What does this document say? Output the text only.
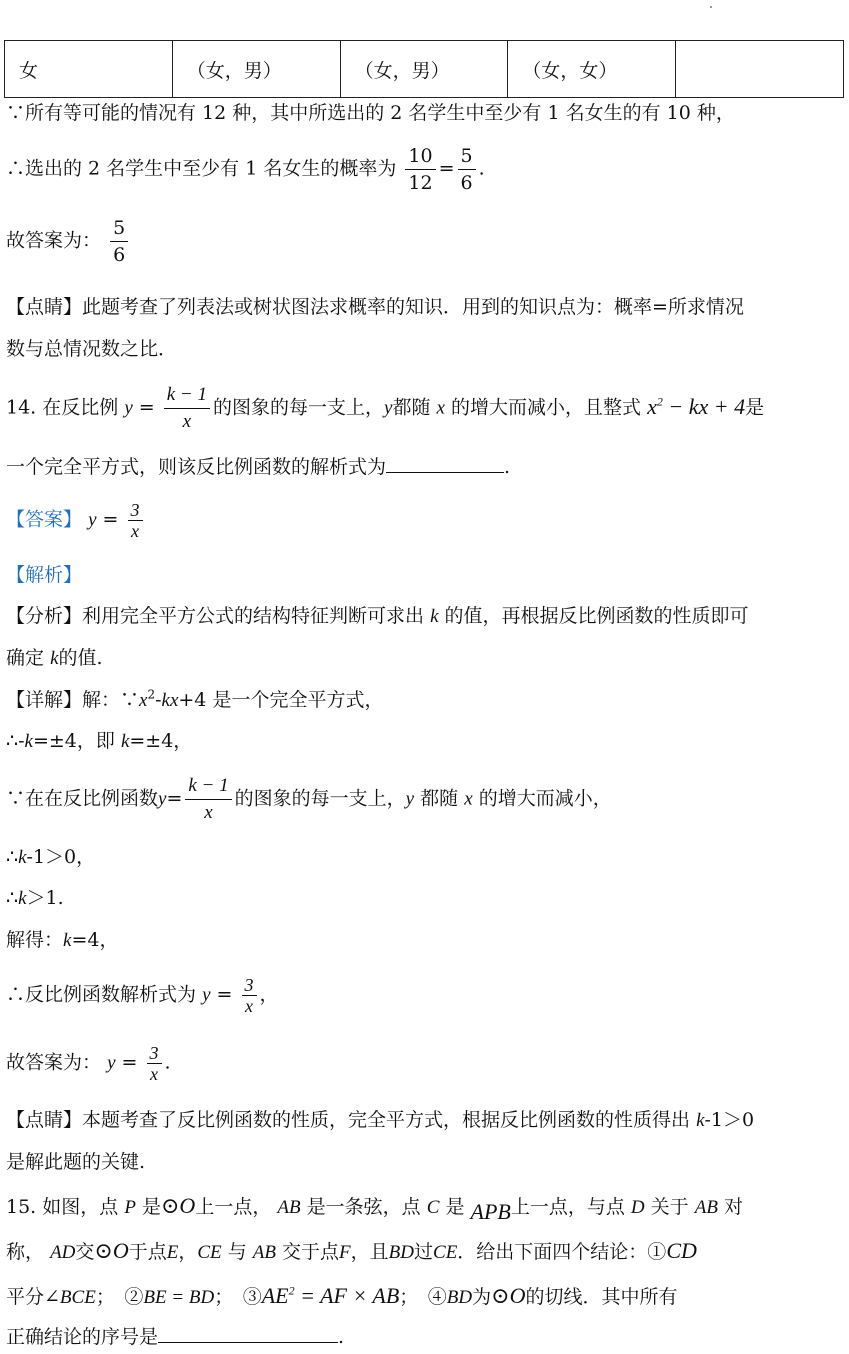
女	（女，男）	（女，男）	（女，女）	
∵所有等可能的情况有 12 种，其中所选出的 2 名学生中至少有 1 名女生的有 10 种，
∴选出的 2 名学生中至少有 1 名女生的概率为 $\frac{10}{12} = \frac{5}{6}$ .
故答案为： $\frac{5}{6}$
【点睛】此题考查了列表法或树状图法求概率的知识．用到的知识点为：概率=所求情况
数与总情况数之比．
14. 在反比例 $y = \frac{k - 1}{x}$ 的图象的每一支上，y都随 x 的增大而减小，且整式 $x^2$ − kx + 4是
一个完全平方式，则该反比例函数的解析式为	.
【答案】 $y = \frac{3}{x}$
【解析】
【分析】利用完全平方公式的结构特征判断可求出 k 的值，再根据反比例函数的性质即可
确定 k的值.
【详解】解：$\because x^2-kx+4$ 是一个完全平方式，
∴-k=±4，即 k=±4，
∵在在反比例函数$y= \frac{k - 1}{x}$ 的图象的每一支上，y 都随 x 的增大而减小，
∴k-1＞0，
∴k＞1.
解得：k=4，
∴反比例函数解析式为 $y = \frac{3}{x}$ ，
故答案为： $y = \frac{3}{x}$ .
【点睛】本题考查了反比例函数的性质，完全平方式，根据反比例函数的性质得出 k-1＞0
是解此题的关键.
15. 如图，点 P 是⊙O上一点， AB 是一条弦，点 C 是 APB上一点，与点 D 关于 AB 对
称， AD交⊙O于点E，CE 与 AB 交于点F，且BD过CE．给出下面四个结论：①CD
平分∠BCE；　②BE = BD；　$③AE^2$ = AF × AB；　④BD为⊙O的切线．其中所有
正确结论的序号是	.
